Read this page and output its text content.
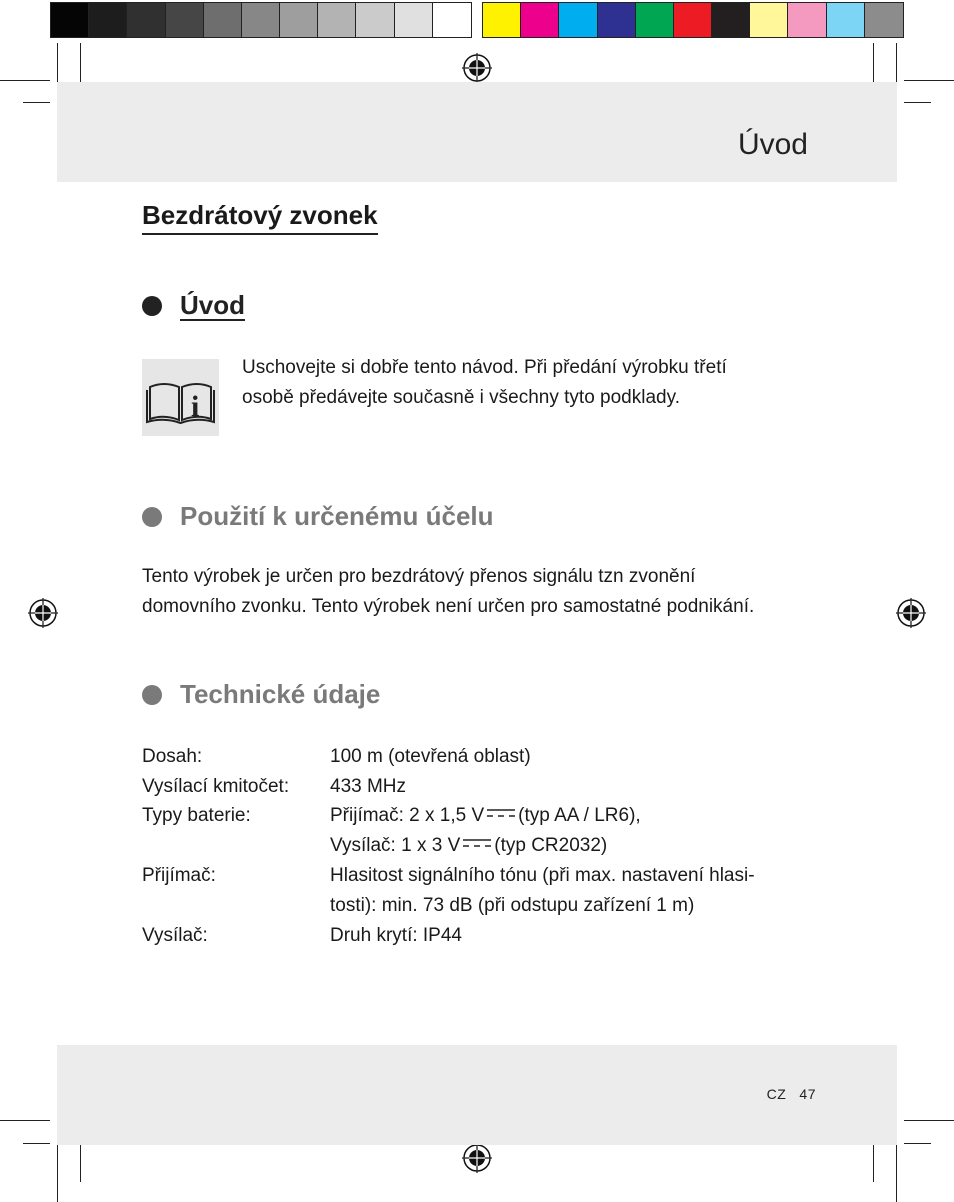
Úvod
Bezdrátový zvonek
Úvod
i
Uschovejte si dobře tento návod. Při předání výrobku třetí
osobě předávejte současně i všechny tyto podklady.
Použití k určenému účelu
Tento výrobek je určen pro bezdrátový přenos signálu tzn zvonění
domovního zvonku. Tento výrobek není určen pro samostatné podnikání.
Technické údaje
Dosah:	100 m (otevřená oblast)
Vysílací kmitočet: 433 MHz
Typy baterie:	Přijímač: 2 x 1,5 V (typ AA / LR6),
Vysílač: 1 x 3 V (typ CR2032)
Přijímač:	Hlasitost signálního tónu (při max. nastavení hlasi-
tosti): min. 73 dB (při odstupu zařízení 1 m)
Vysílač:	Druh krytí: IP44
CZ 47
